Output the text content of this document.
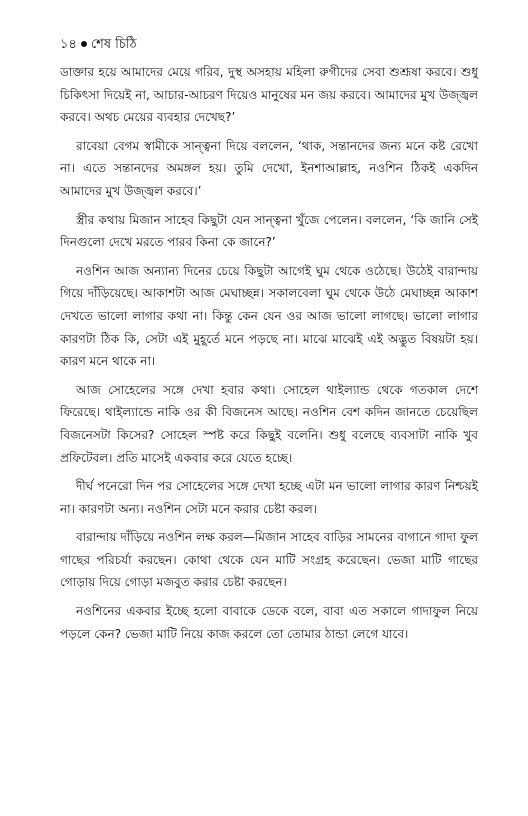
১৪ শেষ চিঠি

ডাক্তার হয়ে আমাদের মেয়ে গরিব, দুস্থ অসহায় মহিলা রুগীদের সেবা শুশ্রূষা করবে। শুধু চিকিৎসা দিয়েই না, আচার-আচরণ দিয়েও মানুষের মন জয় করবে। আমাদের মুখ উজ্জ্বল করবে। অথচ মেয়ের ব্যবহার দেখেছ?’

রাবেয়া বেগম স্বামীকে সান্ত্বনা দিয়ে বললেন, ‘থাক, সন্তানদের জন্য মনে কষ্ট রেখো না। এতে সন্তানদের অমঙ্গল হয়। তুমি দেখো, ইনশাআল্লাহ, নওশিন ঠিকই একদিন আমাদের মুখ উজ্জ্বল করবে।’

স্ত্রীর কথায় মিজান সাহেব কিছুটা যেন সান্ত্বনা খুঁজে পেলেন। বললেন, ‘কি জানি সেই দিনগুলো দেখে মরতে পারব কিনা কে জানে?’

নওশিন আজ অন্যান্য দিনের চেয়ে কিছুটা আগেই ঘুম থেকে ওঠেছে। উঠেই বারান্দায় গিয়ে দাঁড়িয়েছে। আকাশটা আজ মেঘাচ্ছন্ন। সকালবেলা ঘুম থেকে উঠে মেঘাচ্ছন্ন আকাশ দেখতে ভালো লাগার কথা না। কিন্তু কেন যেন ওর আজ ভালো লাগছে। ভালো লাগার কারণটা ঠিক কি, সেটা এই মুহূর্তে মনে পড়ছে না। মাঝে মাঝেই এই অদ্ভুত বিষয়টা হয়। কারণ মনে থাকে না।

আজ সোহেলের সঙ্গে দেখা হবার কথা। সোহেল থাইল্যান্ড থেকে গতকাল দেশে ফিরেছে। থাইল্যান্ডে নাকি ওর কী বিজনেস আছে। নওশিন বেশ কদিন জানতে চেয়েছিল বিজনেসটা কিসের? সোহেল স্পষ্ট করে কিছুই বলেনি। শুধু বলেছে ব্যবসাটা নাকি খুব প্রফিটেবল। প্রতি মাসেই একবার করে যেতে হচ্ছে।

দীর্ঘ পনেরো দিন পর সোহেলের সঙ্গে দেখা হচ্ছে এটা মন ভালো লাগার কারণ নিশ্চয়ই না। কারণটা অন্য। নওশিন সেটা মনে করার চেষ্টা করল।

বারান্দায় দাঁড়িয়ে নওশিন লক্ষ করল—মিজান সাহেব বাড়ির সামনের বাগানে গাদা ফুল গাছের পরিচর্যা করছেন। কোথা থেকে যেন মাটি সংগ্রহ করেছেন। ভেজা মাটি গাছের গোড়ায় দিয়ে গোড়া মজবুত করার চেষ্টা করছেন।

নওশিনের একবার ইচ্ছে হলো বাবাকে ডেকে বলে, বাবা এত সকালে গাদাফুল নিয়ে পড়লে কেন? ভেজা মাটি নিয়ে কাজ করলে তো তোমার ঠান্ডা লেগে যাবে।
